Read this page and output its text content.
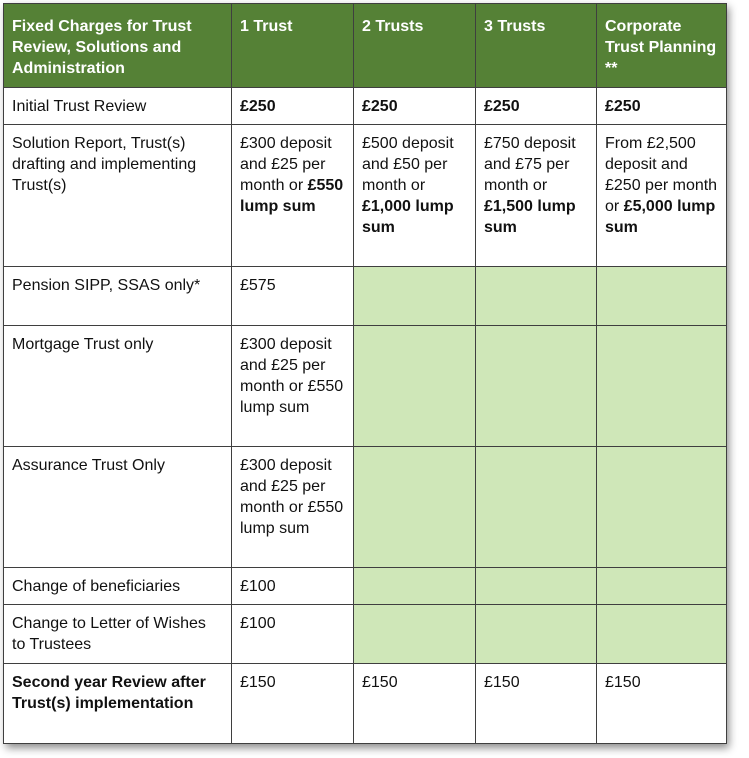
Fixed Charges for Trust Review, Solutions and Administration	1 Trust	2 Trusts	3 Trusts	Corporate Trust Planning **
Initial Trust Review	£250	£250	£250	£250
Solution Report, Trust(s) drafting and implementing Trust(s)	£300 deposit and £25 per month or £550 lump sum	£500 deposit and £50 per month or £1,000 lump sum	£750 deposit and £75 per month or £1,500 lump sum	From £2,500 deposit and £250 per month or £5,000 lump sum
Pension SIPP, SSAS only*	£575			
Mortgage Trust only	£300 deposit and £25 per month or £550 lump sum			
Assurance Trust Only	£300 deposit and £25 per month or £550 lump sum			
Change of beneficiaries	£100			
Change to Letter of Wishes to Trustees	£100			
Second year Review after Trust(s) implementation	£150	£150	£150	£150
